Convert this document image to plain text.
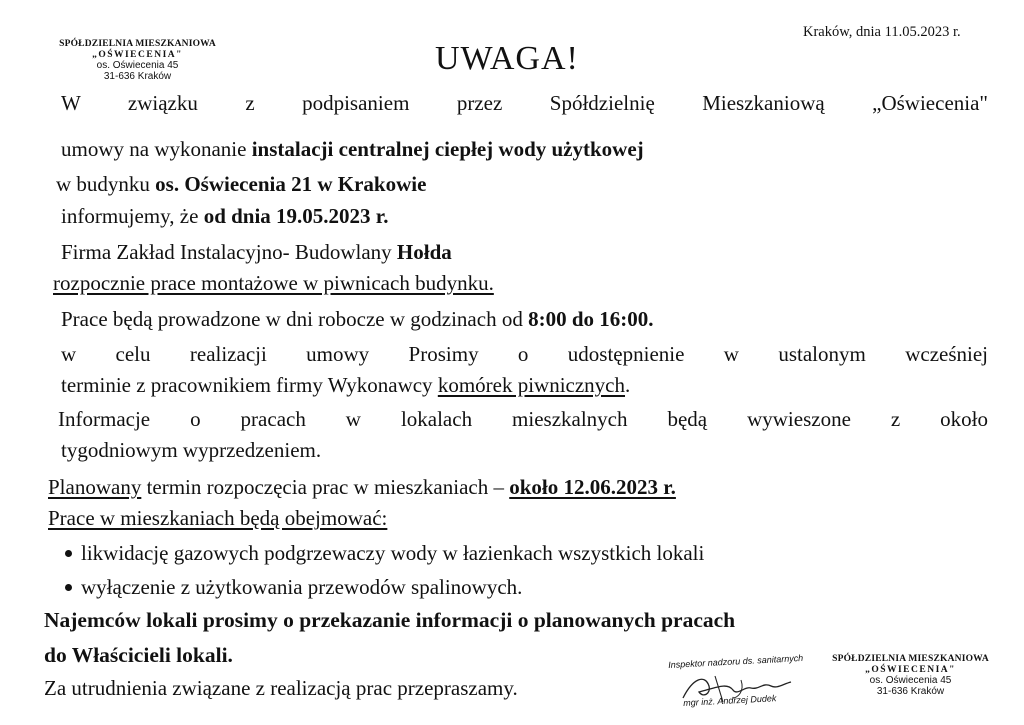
Kraków, dnia 11.05.2023 r.
SPÓŁDZIELNIA MIESZKANIOWA
„OŚWIECENIA"
os. Oświecenia 45
31-636 Kraków	UWAGA!
W związku z podpisaniem przez Spółdzielnię Mieszkaniową „Oświecenia"
umowy na wykonanie instalacji centralnej ciepłej wody użytkowej
w budynku os. Oświecenia 21 w Krakowie
informujemy, że od dnia 19.05.2023 r.
Firma Zakład Instalacyjno- Budowlany Hołda
rozpocznie prace montażowe w piwnicach budynku.
Prace będą prowadzone w dni robocze w godzinach od 8:00 do 16:00.
w celu realizacji umowy Prosimy o udostępnienie w ustalonym wcześniej
terminie z pracownikiem firmy Wykonawcy komórek piwnicznych.
Informacje o pracach w lokalach mieszkalnych będą wywieszone z około
tygodniowym wyprzedzeniem.
Planowany termin rozpoczęcia prac w mieszkaniach – około 12.06.2023 r.
Prace w mieszkaniach będą obejmować:
likwidację gazowych podgrzewaczy wody w łazienkach wszystkich lokali
wyłączenie z użytkowania przewodów spalinowych.
Najemców lokali prosimy o przekazanie informacji o planowanych pracach
do Właścicieli lokali.
Za utrudnienia związane z realizacją prac przepraszamy.
Inspektor nadzoru ds. sanitarnych
mgr inż. Andrzej Dudek
SPÓŁDZIELNIA MIESZKANIOWA
„OŚWIECENIA"
os. Oświecenia 45
31-636 Kraków
